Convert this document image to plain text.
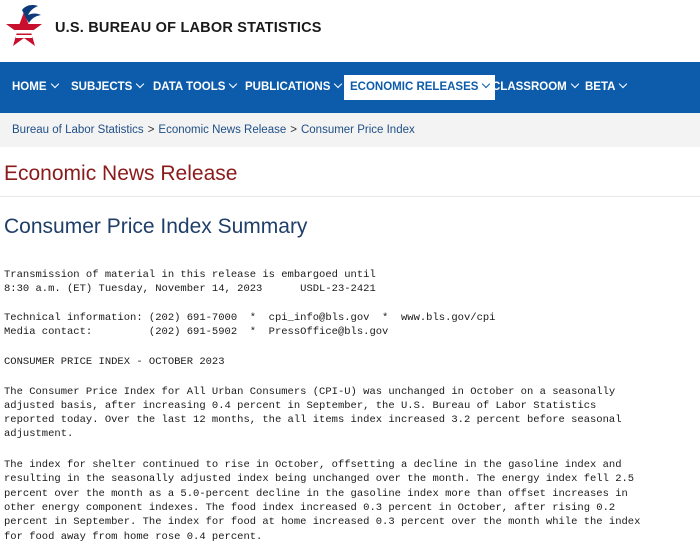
U.S. BUREAU OF LABOR STATISTICS
HOME	SUBJECTS	DATA TOOLS	PUBLICATIONS	ECONOMIC RELEASES	CLASSROOM	BETA
Bureau of Labor Statistics > Economic News Release > Consumer Price Index
Economic News Release
Consumer Price Index Summary
Transmission of material in this release is embargoed until
8:30 a.m. (ET) Tuesday, November 14, 2023      USDL-23-2421
Technical information: (202) 691-7000  *  cpi_info@bls.gov  *  www.bls.gov/cpi
Media contact:         (202) 691-5902  *  PressOffice@bls.gov
CONSUMER PRICE INDEX - OCTOBER 2023
The Consumer Price Index for All Urban Consumers (CPI-U) was unchanged in October on a seasonally
adjusted basis, after increasing 0.4 percent in September, the U.S. Bureau of Labor Statistics
reported today. Over the last 12 months, the all items index increased 3.2 percent before seasonal
adjustment.
The index for shelter continued to rise in October, offsetting a decline in the gasoline index and
resulting in the seasonally adjusted index being unchanged over the month. The energy index fell 2.5
percent over the month as a 5.0-percent decline in the gasoline index more than offset increases in
other energy component indexes. The food index increased 0.3 percent in October, after rising 0.2
percent in September. The index for food at home increased 0.3 percent over the month while the index
for food away from home rose 0.4 percent.
